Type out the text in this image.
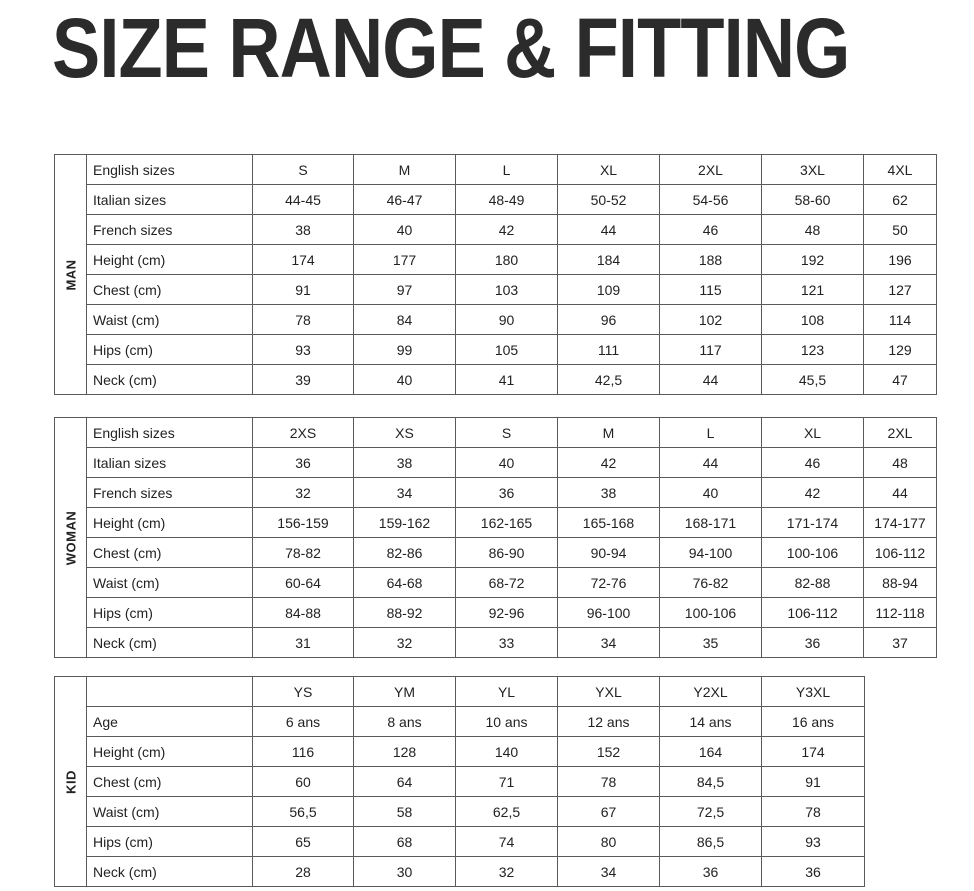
SIZE RANGE & FITTING
MAN	English sizes	S	M	L	XL	2XL	3XL	4XL
	Italian sizes	44-45	46-47	48-49	50-52	54-56	58-60	62
	French sizes	38	40	42	44	46	48	50
	Height (cm)	174	177	180	184	188	192	196
	Chest (cm)	91	97	103	109	115	121	127
	Waist (cm)	78	84	90	96	102	108	114
	Hips (cm)	93	99	105	111	117	123	129
	Neck (cm)	39	40	41	42,5	44	45,5	47
WOMAN	English sizes	2XS	XS	S	M	L	XL	2XL
	Italian sizes	36	38	40	42	44	46	48
	French sizes	32	34	36	38	40	42	44
	Height (cm)	156-159	159-162	162-165	165-168	168-171	171-174	174-177
	Chest (cm)	78-82	82-86	86-90	90-94	94-100	100-106	106-112
	Waist (cm)	60-64	64-68	68-72	72-76	76-82	82-88	88-94
	Hips (cm)	84-88	88-92	92-96	96-100	100-106	106-112	112-118
	Neck (cm)	31	32	33	34	35	36	37
KID		YS	YM	YL	YXL	Y2XL	Y3XL
	Age	6 ans	8 ans	10 ans	12 ans	14 ans	16 ans
	Height (cm)	116	128	140	152	164	174
	Chest (cm)	60	64	71	78	84,5	91
	Waist (cm)	56,5	58	62,5	67	72,5	78
	Hips (cm)	65	68	74	80	86,5	93
	Neck (cm)	28	30	32	34	36	36
